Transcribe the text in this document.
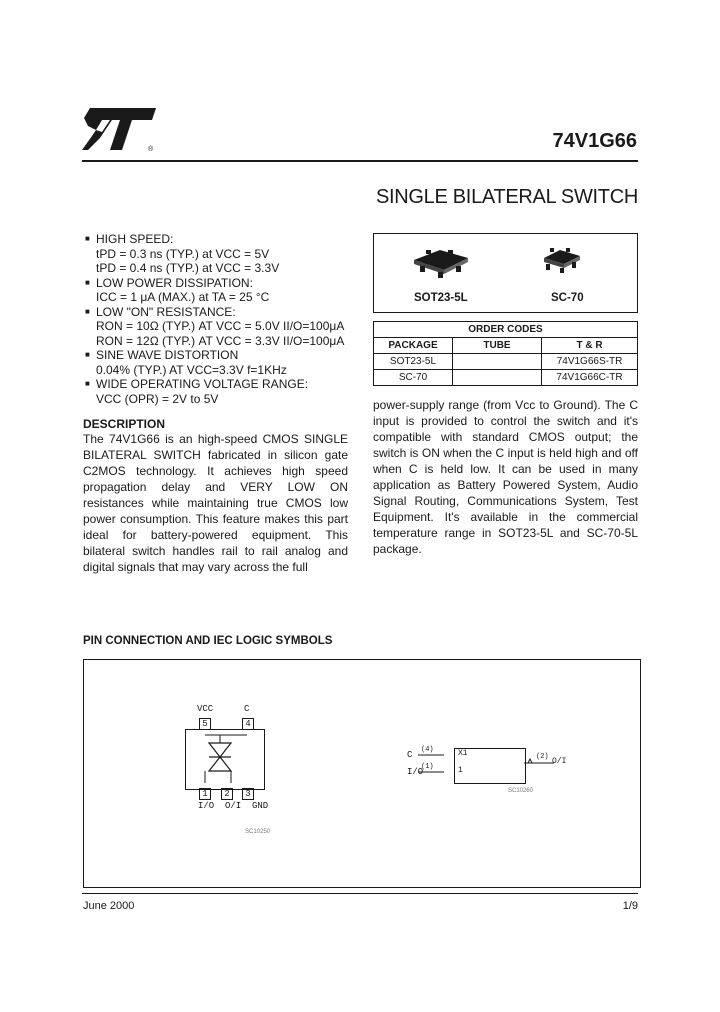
®	74V1G66
SINGLE BILATERAL SWITCH
■ HIGH SPEED:
tPD = 0.3 ns (TYP.) at VCC = 5V
tPD = 0.4 ns (TYP.) at VCC = 3.3V
■ LOW POWER DISSIPATION:
ICC = 1 μA (MAX.) at TA = 25 °C
■ LOW "ON" RESISTANCE:
RON = 10Ω (TYP.) AT VCC = 5.0V II/O=100μA
RON = 12Ω (TYP.) AT VCC = 3.3V II/O=100μA
■ SINE WAVE DISTORTION
0.04% (TYP.) AT VCC=3.3V f=1KHz
■ WIDE OPERATING VOLTAGE RANGE:
VCC (OPR) = 2V to 5V
SOT23-5L	SC-70
ORDER CODES		
PACKAGE	TUBE	T & R
SOT23-5L		74V1G66S-TR
SC-70		74V1G66C-TR
DESCRIPTION
The 74V1G66 is an high-speed CMOS SINGLE BILATERAL SWITCH fabricated in silicon gate C2MOS technology. It achieves high speed propagation delay and VERY LOW ON resistances while maintaining true CMOS low power consumption. This feature makes this part ideal for battery-powered equipment. This bilateral switch handles rail to rail analog and digital signals that may vary across the full
power-supply range (from Vcc to Ground). The C input is provided to control the switch and it's compatible with standard CMOS output; the switch is ON when the C input is held high and off when C is held low. It can be used in many application as Battery Powered System, Audio Signal Routing, Communications System, Test Equipment. It's available in the commercial temperature range in SOT23-5L and SC-70-5L package.
PIN CONNECTION AND IEC LOGIC SYMBOLS
VCC	C
5	4
1	2	3
I/O  O/I  GND
SC10250
C (4)
I/O
(1)
X1
1
(2) O/I
SC10260
June 2000	1/9
